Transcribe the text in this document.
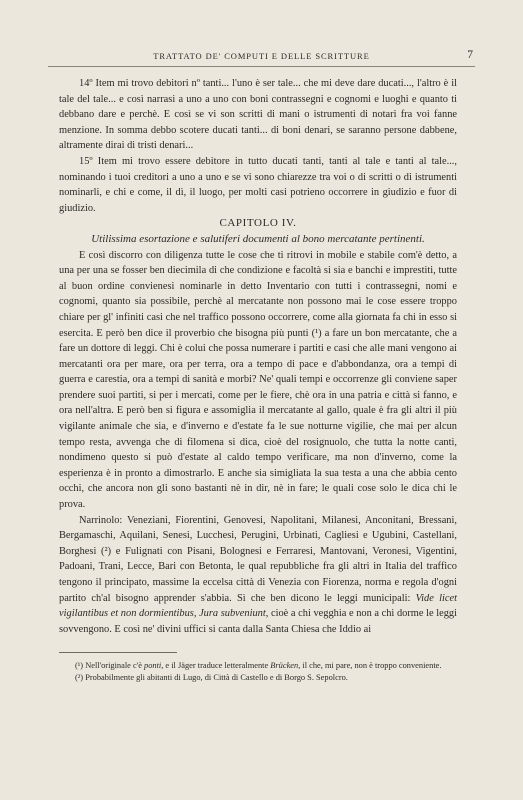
TRATTATO DE' COMPUTI E DELLE SCRITTURE	7

14º Item mi trovo debitori nº tanti... l'uno è ser tale... che mi deve dare ducati..., l'altro è il tale del tale... e così narrasi a uno a uno con boni contrassegni e cognomi e luoghi e quanto ti debbano dare e perchè. E così se vi son scritti di mani o istrumenti di notari fra voi fanne menzione. In somma debbo scotere ducati tanti... di boni denari, se saranno persone dabbene, altramente dirai di tristi denari...

15º Item mi trovo essere debitore in tutto ducati tanti, tanti al tale e tanti al tale..., nominando i tuoi creditori a uno a uno e se vi sono chiarezze tra voi o di scritti o di istrumenti nominarli, e chi e come, il dì, il luogo, per molti casi potrieno occorrere in giudizio e fuor di giudizio.

CAPITOLO IV.

Utilissima esortazione e salutiferi documenti al bono mercatante pertinenti.

E così discorro con diligenza tutte le cose che ti ritrovi in mobile e stabile com'è detto, a una per una se fosser ben diecimila di che condizione e facoltà si sia e banchi e imprestiti, tutte al buon ordine convienesi nominarle in detto Inventario con tutti i contrassegni, nomi e cognomi, quanto sia possibile, perchè al mercatante non possono mai le cose essere troppo chiare per gl' infiniti casi che nel traffico possono occorrere, come alla giornata fa chi in esso si esercita. E però ben dice il proverbio che bisogna più punti (¹) a fare un bon mercatante, che a fare un dottore di leggi. Chi è colui che possa numerare i partiti e casi che alle mani vengono ai mercatanti ora per mare, ora per terra, ora a tempo di pace e d'abbondanza, ora a tempi di guerra e carestia, ora a tempi di sanità e morbi? Ne' quali tempi e occorrenze gli conviene saper prendere suoi partiti, si per i mercati, come per le fiere, chè ora in una patria e città si fanno, e ora nell'altra. E però ben si figura e assomiglia il mercatante al gallo, quale è fra gli altri il più vigilante animale che sia, e d'inverno e d'estate fa le sue notturne vigilie, che mai per alcun tempo resta, avvenga che di filomena si dica, cioè del rosignuolo, che tutta la notte canti, nondimeno questo si può d'estate al caldo tempo verificare, ma non d'inverno, come la esperienza è in pronto a dimostrarlo. E anche sia simigliata la sua testa a una che abbia cento occhi, che ancora non gli sono bastanti nè in dir, nè in fare; le quali cose solo le dica chi le prova.

Narrinolo: Veneziani, Fiorentini, Genovesi, Napolitani, Milanesi, Anconitani, Bressani, Bergamaschi, Aquilani, Senesi, Lucchesi, Perugini, Urbinati, Cagliesi e Ugubini, Castellani, Borghesi (²) e Fulignati con Pisani, Bolognesi e Ferraresi, Mantovani, Veronesi, Vigentini, Padoani, Trani, Lecce, Bari con Betonta, le qual repubbliche fra gli altri in Italia del traffico tengono il principato, massime la eccelsa città di Venezia con Fiorenza, norma e regola d'ogni partito ch'al bisogno apprender s'abbia. Sì che ben dicono le leggi municipali: Vide licet vigilantibus et non dormientibus, Jura subveniunt, cioè a chi vegghia e non a chi dorme le leggi sovvengono. E così ne' divini uffici si canta dalla Santa Chiesa che Iddio ai

(¹) Nell'originale c'è ponti, e il Jäger traduce letteralmente Brücken, il che, mi pare, non è troppo conveniente.

(²) Probabilmente gli abitanti di Lugo, di Città di Castello e di Borgo S. Sepolcro.
